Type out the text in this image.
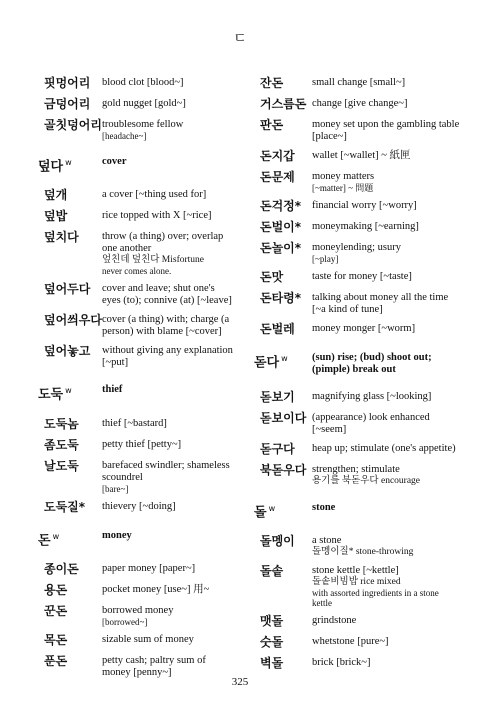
ㄷ
핏멍어리	blood clot [blood~]
금덩어리	gold nugget [gold~]
골칫덩어리 troublesome fellow
[headache~]
덮다 $^w$	cover
덮개	a cover [~thing used for]
덮밥	rice topped with X [~rice]
덮치다	throw (a thing) over; overlap one another
엎친데 덮친다 Misfortune
never comes alone.
덮어두다	cover and leave; shut one's eyes (to); connive (at) [~leave]
덮어씌우다 cover (a thing) with; charge (a person) with blame [~cover]
덮어놓고	without giving any explanation [~put]
도둑 $^w$	thief
도둑놈	thief [~bastard]
좀도둑	petty thief [petty~]
날도둑	barefaced swindler; shameless scoundrel
[bare~]
도둑질*	thievery [~doing]
돈 $^w$	money
종이돈	paper money [paper~]
용돈	pocket money [use~] 用~
꾼돈	borrowed money
[borrowed~]
목돈	sizable sum of money
푼돈	petty cash; paltry sum of money [penny~]
잔돈	small change [small~]
거스름돈 change [give change~]
판돈	money set upon the gambling table [place~]
돈지갑	wallet [~wallet] ~ 紙匣
돈문제	money matters
[~matter] ~ 問題
돈걱정*	financial worry [~worry]
돈벌이*	moneymaking [~earning]
돈놀이*	moneylending; usury
[~play]
돈맛	taste for money [~taste]
돈타령*	talking about money all the time [~a kind of tune]
돈벌레	money monger [~worm]
돋다 $^w$	(sun) rise; (bud) shoot out; (pimple) break out
돋보기	magnifying glass [~looking]
돋보이다 (appearance) look enhanced [~seem]
돋구다	heap up; stimulate (one's appetite)
북돋우다 strengthen; stimulate
용기를 북돋우다 encourage
돌 $^w$	stone
돌멩이	a stone
돌멩이질* stone-throwing
돌솥	stone kettle [~kettle]
돌솥비빔밥 rice mixed
with assorted ingredients in a stone kettle
맷돌	grindstone
숫돌	whetstone [pure~]
벽돌	brick [brick~]
325
